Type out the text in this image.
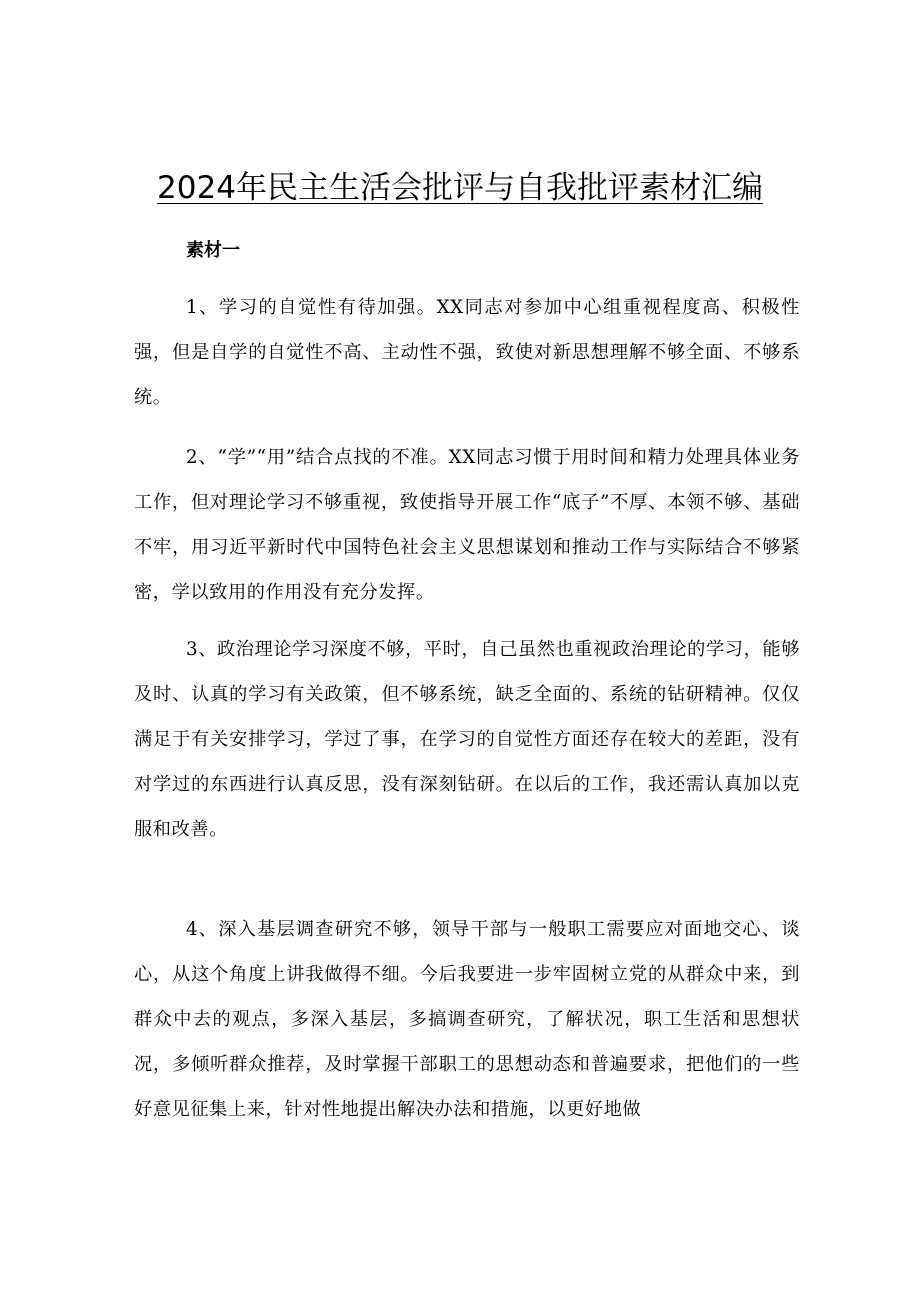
2024年民主生活会批评与自我批评素材汇编
素材一

1、学习的自觉性有待加强。XX同志对参加中心组重视程度高、积极性强，但是自学的自觉性不高、主动性不强，致使对新思想理解不够全面、不够系统。

2、“学”“用”结合点找的不准。XX同志习惯于用时间和精力处理具体业务工作，但对理论学习不够重视，致使指导开展工作“底子”不厚、本领不够、基础不牢，用习近平新时代中国特色社会主义思想谋划和推动工作与实际结合不够紧密，学以致用的作用没有充分发挥。

3、政治理论学习深度不够，平时，自己虽然也重视政治理论的学习，能够及时、认真的学习有关政策，但不够系统，缺乏全面的、系统的钻研精神。仅仅满足于有关安排学习，学过了事，在学习的自觉性方面还存在较大的差距，没有对学过的东西进行认真反思，没有深刻钻研。在以后的工作，我还需认真加以克服和改善。

4、深入基层调查研究不够，领导干部与一般职工需要应对面地交心、谈心，从这个角度上讲我做得不细。今后我要进一步牢固树立党的从群众中来，到群众中去的观点，多深入基层，多搞调查研究，了解状况，职工生活和思想状况，多倾听群众推荐，及时掌握干部职工的思想动态和普遍要求，把他们的一些好意见征集上来，针对性地提出解决办法和措施，以更好地做
